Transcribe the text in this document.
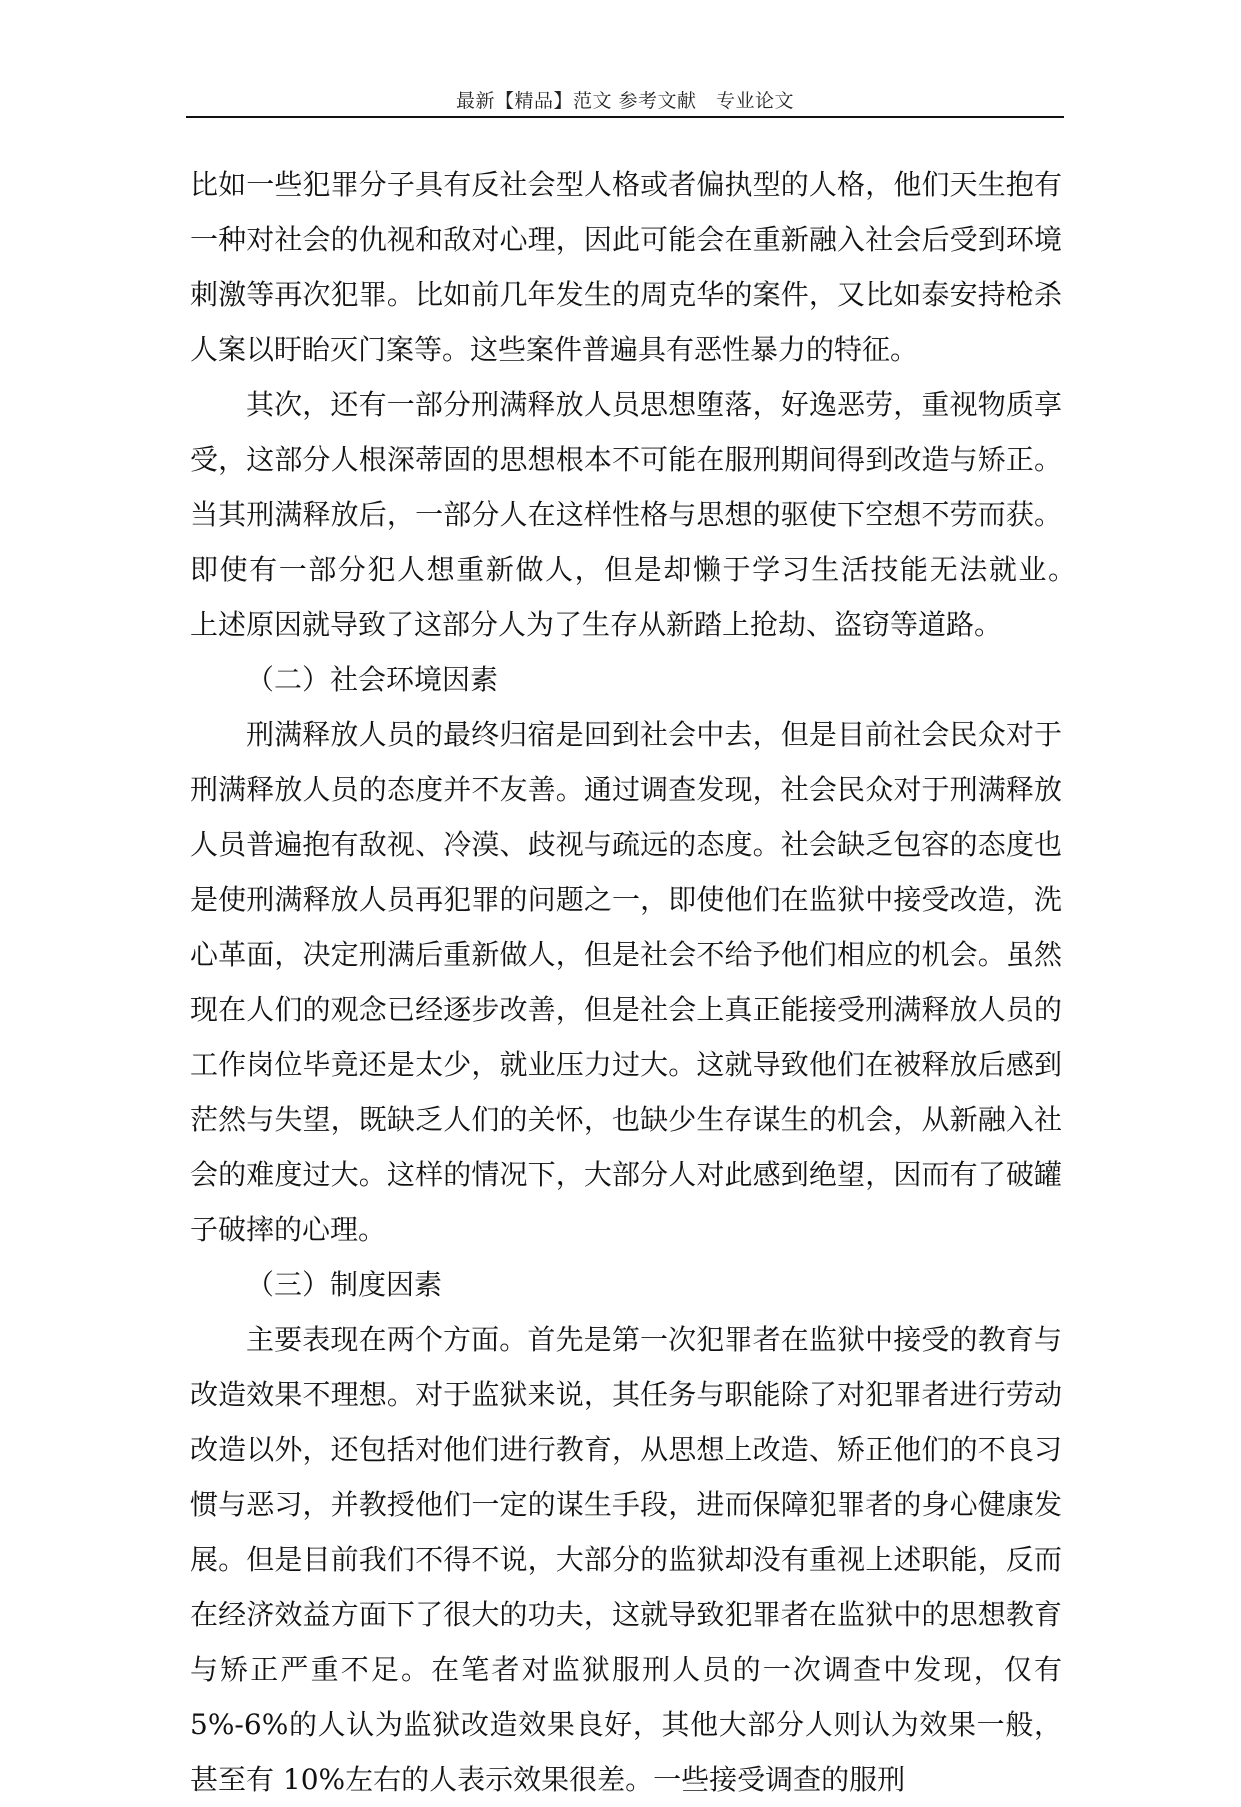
最新【精品】范文 参考文献　专业论文

比如一些犯罪分子具有反社会型人格或者偏执型的人格，他们天生抱有一种对社会的仇视和敌对心理，因此可能会在重新融入社会后受到环境刺激等再次犯罪。比如前几年发生的周克华的案件，又比如泰安持枪杀人案以盱眙灭门案等。这些案件普遍具有恶性暴力的特征。

其次，还有一部分刑满释放人员思想堕落，好逸恶劳，重视物质享受，这部分人根深蒂固的思想根本不可能在服刑期间得到改造与矫正。当其刑满释放后，一部分人在这样性格与思想的驱使下空想不劳而获。即使有一部分犯人想重新做人，但是却懒于学习生活技能无法就业。　上述原因就导致了这部分人为了生存从新踏上抢劫、盗窃等道路。

（二）社会环境因素

刑满释放人员的最终归宿是回到社会中去，但是目前社会民众对于刑满释放人员的态度并不友善。通过调查发现，社会民众对于刑满释放人员普遍抱有敌视、冷漠、歧视与疏远的态度。社会缺乏包容的态度也是使刑满释放人员再犯罪的问题之一，即使他们在监狱中接受改造，洗心革面，决定刑满后重新做人，但是社会不给予他们相应的机会。虽然现在人们的观念已经逐步改善，但是社会上真正能接受刑满释放人员的工作岗位毕竟还是太少，就业压力过大。这就导致他们在被释放后感到茫然与失望，既缺乏人们的关怀，也缺少生存谋生的机会，从新融入社会的难度过大。这样的情况下，大部分人对此感到绝望，因而有了破罐子破摔的心理。

（三）制度因素

主要表现在两个方面。首先是第一次犯罪者在监狱中接受的教育与改造效果不理想。对于监狱来说，其任务与职能除了对犯罪者进行劳动改造以外，还包括对他们进行教育，从思想上改造、矫正他们的不良习惯与恶习，并教授他们一定的谋生手段，进而保障犯罪者的身心健康发展。但是目前我们不得不说，大部分的监狱却没有重视上述职能，反而在经济效益方面下了很大的功夫，这就导致犯罪者在监狱中的思想教育与矫正严重不足。在笔者对监狱服刑人员的一次调查中发现，仅有 5%-6%的人认为监狱改造效果良好，其他大部分人则认为效果一般，甚至有 10%左右的人表示效果很差。一些接受调查的服刑
